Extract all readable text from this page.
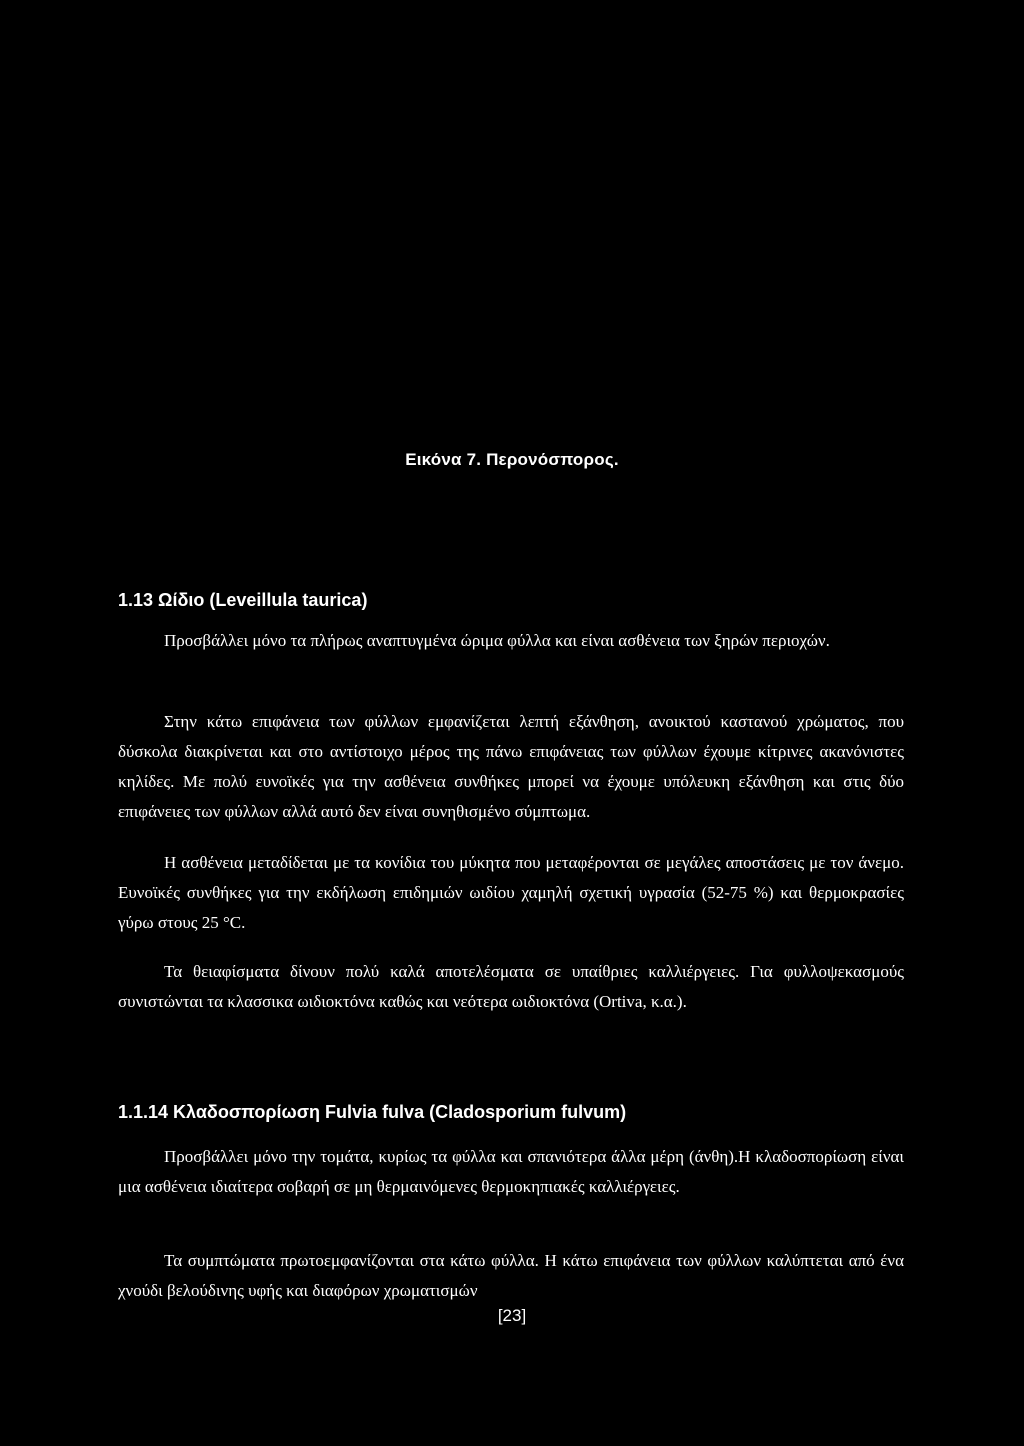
Εικόνα 7. Περονόσπορος.
1.13 Ωίδιο (Leveillula taurica)
Προσβάλλει μόνο τα πλήρως αναπτυγμένα ώριμα φύλλα και είναι ασθένεια των ξηρών περιοχών.
Στην κάτω επιφάνεια των φύλλων εμφανίζεται λεπτή εξάνθηση, ανοικτού καστανού χρώματος, που δύσκολα διακρίνεται και στο αντίστοιχο μέρος της πάνω επιφάνειας των φύλλων έχουμε κίτρινες ακανόνιστες κηλίδες. Με πολύ ευνοϊκές για την ασθένεια συνθήκες μπορεί να έχουμε υπόλευκη εξάνθηση και στις δύο επιφάνειες των φύλλων αλλά αυτό δεν είναι συνηθισμένο σύμπτωμα.
Η ασθένεια μεταδίδεται με τα κονίδια του μύκητα που μεταφέρονται σε μεγάλες αποστάσεις με τον άνεμο. Ευνοϊκές συνθήκες για την εκδήλωση επιδημιών ωιδίου χαμηλή σχετική υγρασία (52-75 %) και θερμοκρασίες γύρω στους 25 °C.
Τα θειαφίσματα δίνουν πολύ καλά αποτελέσματα σε υπαίθριες καλλιέργειες. Για φυλλοψεκασμούς συνιστώνται τα κλασσικα ωιδιοκτόνα καθώς και νεότερα ωιδιοκτόνα (Ortiva, κ.α.).
1.1.14 Κλαδοσπορίωση Fulvia fulva (Cladosporium fulvum)
Προσβάλλει μόνο την τομάτα, κυρίως τα φύλλα και σπανιότερα άλλα μέρη (άνθη).Η κλαδοσπορίωση είναι μια ασθένεια ιδιαίτερα σοβαρή σε μη θερμαινόμενες θερμοκηπιακές καλλιέργειες.
Τα συμπτώματα πρωτοεμφανίζονται στα κάτω φύλλα. Η κάτω επιφάνεια των φύλλων καλύπτεται από ένα χνούδι βελούδινης υφής και διαφόρων χρωματισμών
[23]
